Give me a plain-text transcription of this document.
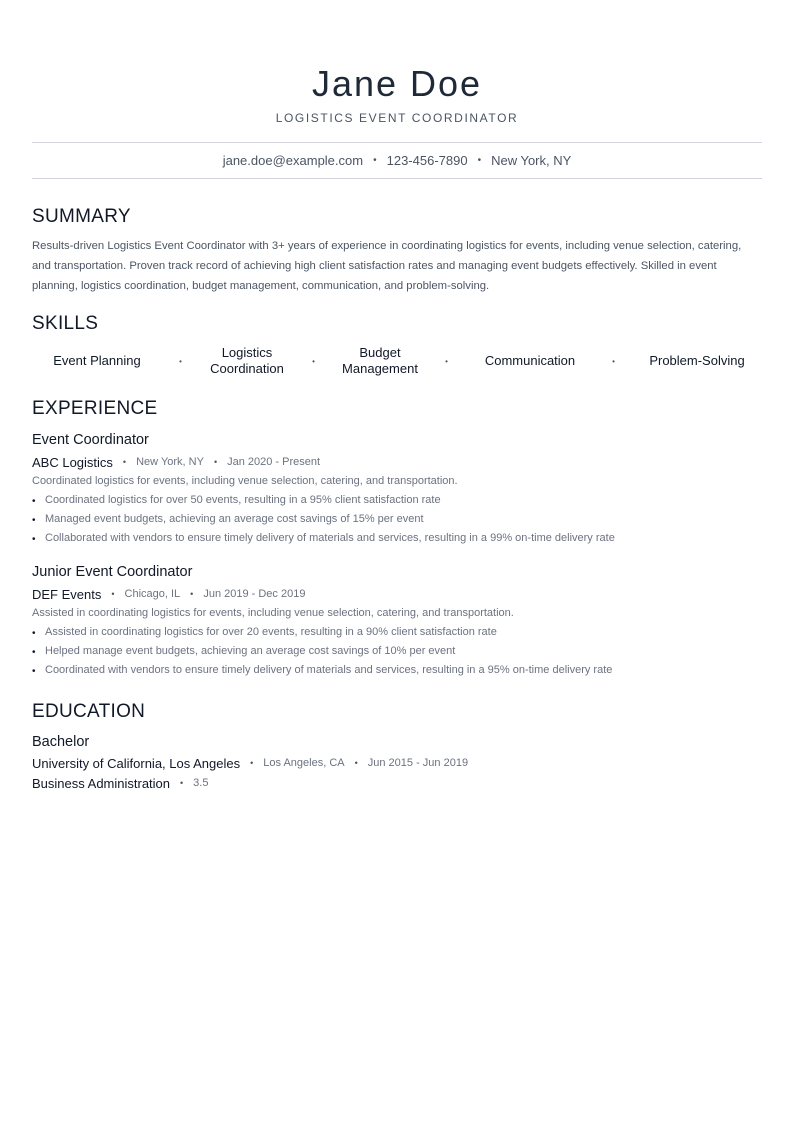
Jane Doe
LOGISTICS EVENT COORDINATOR
jane.doe@example.com • 123-456-7890 • New York, NY
SUMMARY
Results-driven Logistics Event Coordinator with 3+ years of experience in coordinating logistics for events, including venue selection, catering, and transportation. Proven track record of achieving high client satisfaction rates and managing event budgets effectively. Skilled in event planning, logistics coordination, budget management, communication, and problem-solving.
SKILLS
Event Planning	•
Logistics Coordination	•
Budget Management	•	Communication	•	Problem-Solving
EXPERIENCE
Event Coordinator
ABC Logistics • New York, NY • Jan 2020 - Present
Coordinated logistics for events, including venue selection, catering, and transportation.
• Coordinated logistics for over 50 events, resulting in a 95% client satisfaction rate
• Managed event budgets, achieving an average cost savings of 15% per event
• Collaborated with vendors to ensure timely delivery of materials and services, resulting in a 99% on-time delivery rate
Junior Event Coordinator
DEF Events • Chicago, IL • Jun 2019 - Dec 2019
Assisted in coordinating logistics for events, including venue selection, catering, and transportation.
• Assisted in coordinating logistics for over 20 events, resulting in a 90% client satisfaction rate
• Helped manage event budgets, achieving an average cost savings of 10% per event
• Coordinated with vendors to ensure timely delivery of materials and services, resulting in a 95% on-time delivery rate
EDUCATION
Bachelor
University of California, Los Angeles • Los Angeles, CA • Jun 2015 - Jun 2019
Business Administration • 3.5
